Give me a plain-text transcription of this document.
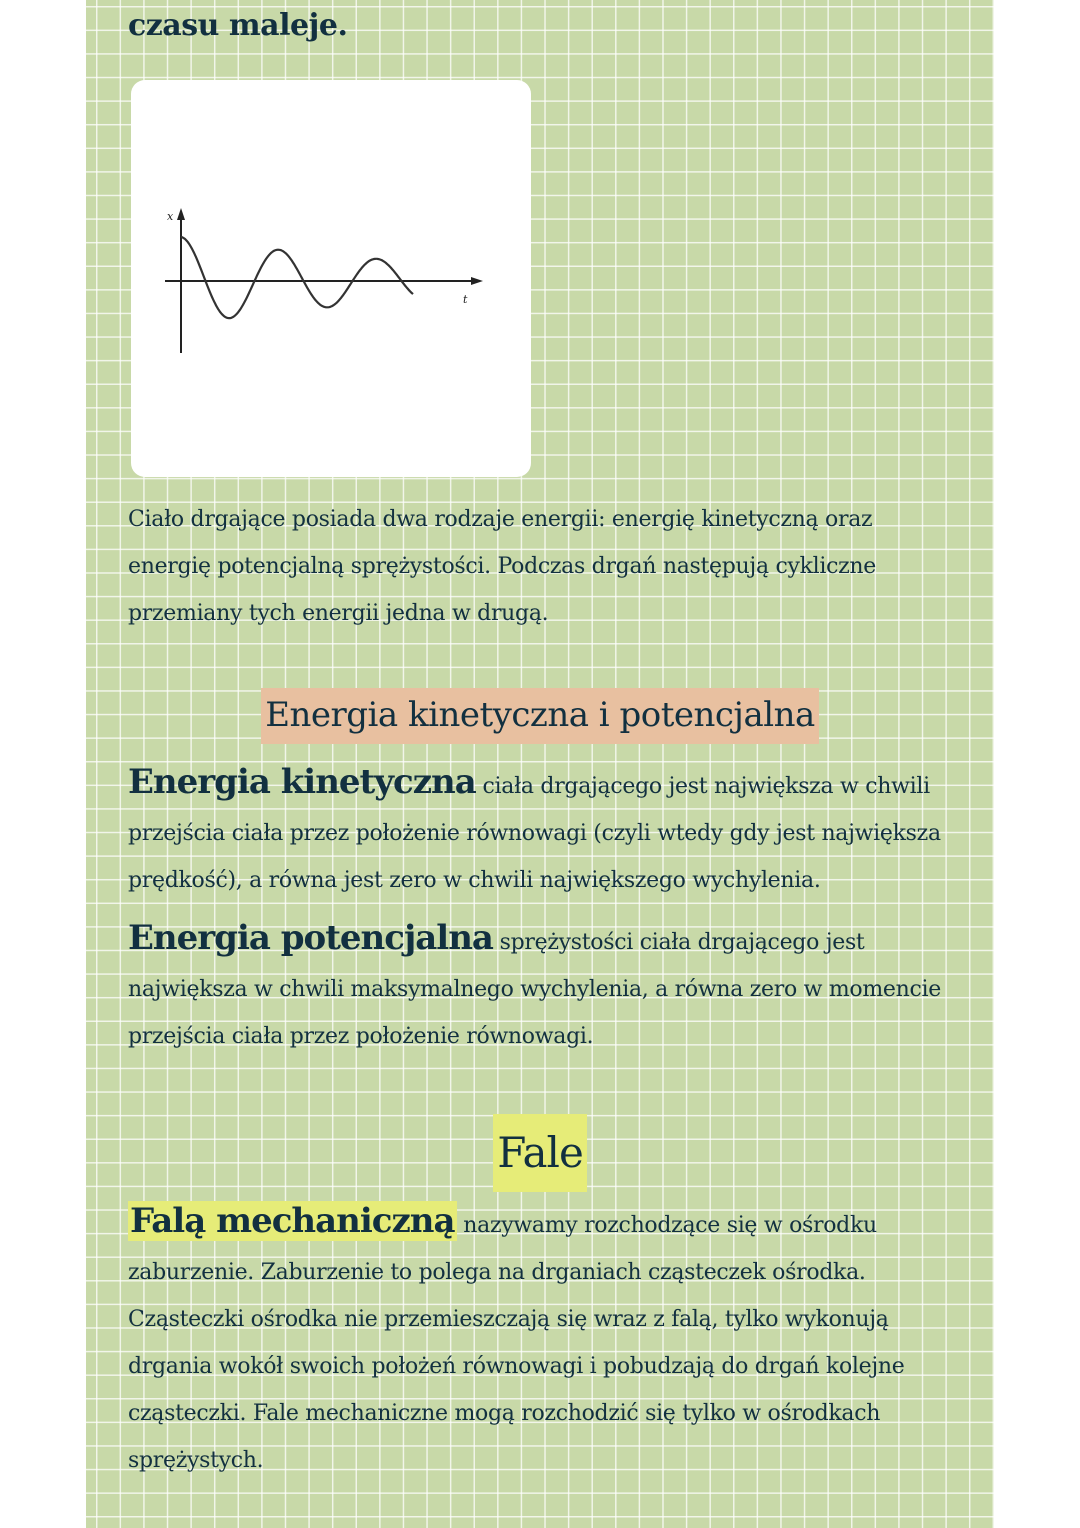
czasu maleje.
x
t
Ciało drgające posiada dwa rodzaje energii: energię kinetyczną oraz energię potencjalną sprężystości. Podczas drgań następują cykliczne przemiany tych energii jedna w drugą.
Energia kinetyczna i potencjalna
Energia kinetyczna ciała drgającego jest największa w chwili przejścia ciała przez położenie równowagi (czyli wtedy gdy jest największa prędkość), a równa jest zero w chwili największego wychylenia.
Energia potencjalna sprężystości ciała drgającego jest największa w chwili maksymalnego wychylenia, a równa zero w momencie przejścia ciała przez położenie równowagi.
Fale
Falą mechaniczną nazywamy rozchodzące się w ośrodku zaburzenie. Zaburzenie to polega na drganiach cząsteczek ośrodka. Cząsteczki ośrodka nie przemieszczają się wraz z falą, tylko wykonują drgania wokół swoich położeń równowagi i pobudzają do drgań kolejne cząsteczki. Fale mechaniczne mogą rozchodzić się tylko w ośrodkach sprężystych.
